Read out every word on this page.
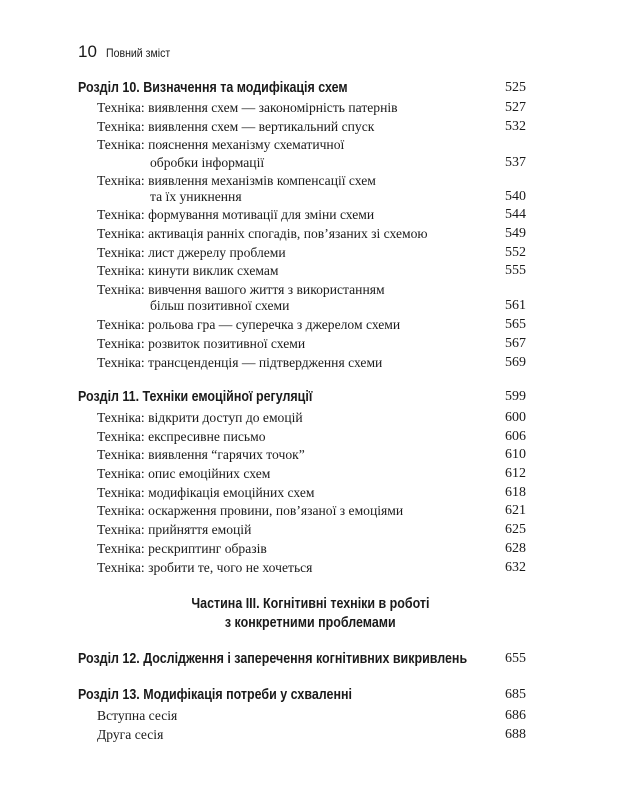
10 Повний зміст
Розділ 10. Визначення та модифікація схем	525
Техніка: виявлення схем — закономірність патернів	527
Техніка: виявлення схем — вертикальний спуск	532
Техніка: пояснення механізму схематичної
обробки інформації	537
Техніка: виявлення механізмів компенсації схем
та їх уникнення	540
Техніка: формування мотивації для зміни схеми	544
Техніка: активація ранніх спогадів, пов’язаних зі схемою	549
Техніка: лист джерелу проблеми	552
Техніка: кинути виклик схемам	555
Техніка: вивчення вашого життя з використанням
більш позитивної схеми	561
Техніка: рольова гра — суперечка з джерелом схеми	565
Техніка: розвиток позитивної схеми	567
Техніка: трансценденція — підтвердження схеми	569
Розділ 11. Техніки емоційної регуляції	599
Техніка: відкрити доступ до емоцій	600
Техніка: експресивне письмо	606
Техніка: виявлення “гарячих точок”	610
Техніка: опис емоційних схем	612
Техніка: модифікація емоційних схем	618
Техніка: оскарження провини, пов’язаної з емоціями	621
Техніка: прийняття емоцій	625
Техніка: рескриптинг образів	628
Техніка: зробити те, чого не хочеться	632
Частина ІІІ. Когнітивні техніки в роботі
з конкретними проблемами
Розділ 12. Дослідження і заперечення когнітивних викривлень	655
Розділ 13. Модифікація потреби у схваленні	685
Вступна сесія	686
Друга сесія	688
